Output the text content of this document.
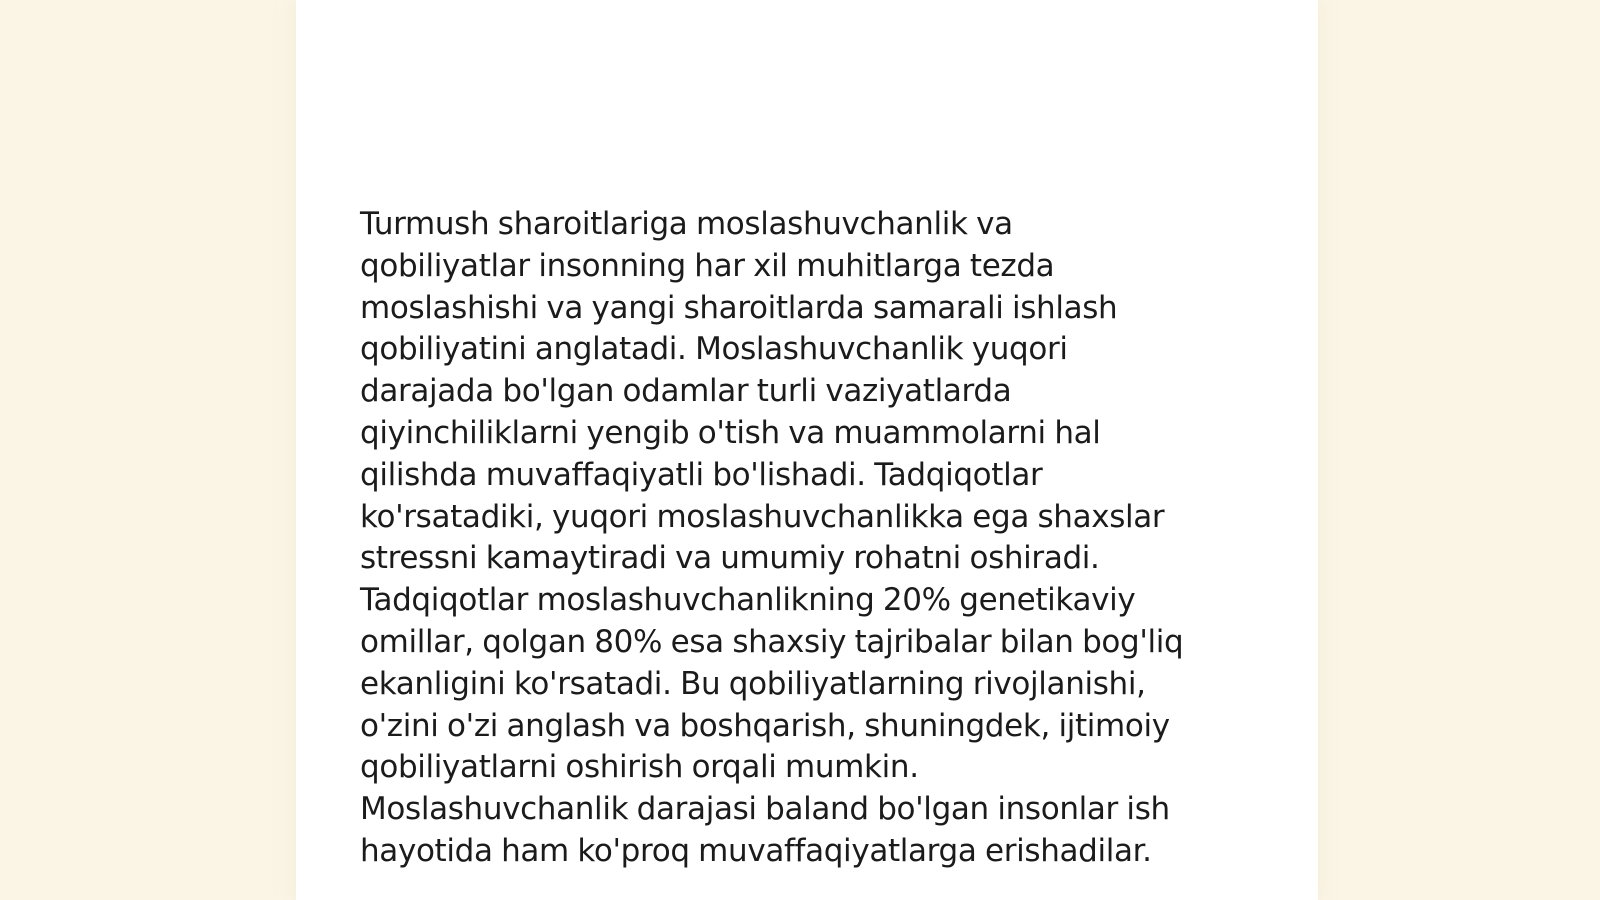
Turmush sharoitlariga moslashuvchanlik va
qobiliyatlar insonning har xil muhitlarga tezda
moslashishi va yangi sharoitlarda samarali ishlash
qobiliyatini anglatadi. Moslashuvchanlik yuqori
darajada bo'lgan odamlar turli vaziyatlarda
qiyinchiliklarni yengib o'tish va muammolarni hal
qilishda muvaffaqiyatli bo'lishadi. Tadqiqotlar
ko'rsatadiki, yuqori moslashuvchanlikka ega shaxslar
stressni kamaytiradi va umumiy rohatni oshiradi.
Tadqiqotlar moslashuvchanlikning 20% genetikaviy
omillar, qolgan 80% esa shaxsiy tajribalar bilan bog'liq
ekanligini ko'rsatadi. Bu qobiliyatlarning rivojlanishi,
o'zini o'zi anglash va boshqarish, shuningdek, ijtimoiy
qobiliyatlarni oshirish orqali mumkin.
Moslashuvchanlik darajasi baland bo'lgan insonlar ish
hayotida ham ko'proq muvaffaqiyatlarga erishadilar.
